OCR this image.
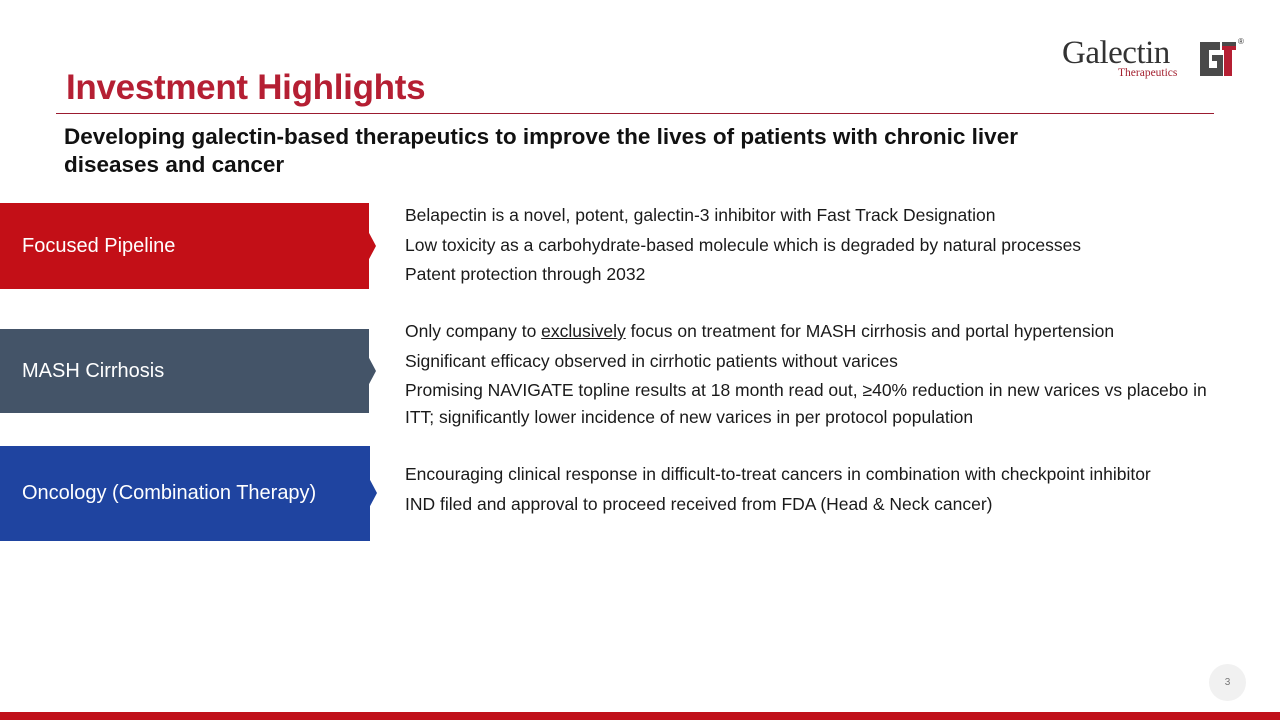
Galectin
Therapeutics
®
Investment Highlights
Developing galectin-based therapeutics to improve the lives of patients with chronic liver diseases and cancer
Focused Pipeline
Belapectin is a novel, potent, galectin-3 inhibitor with Fast Track Designation
Low toxicity as a carbohydrate-based molecule which is degraded by natural processes
Patent protection through 2032
MASH Cirrhosis
Only company to exclusively focus on treatment for MASH cirrhosis and portal hypertension
Significant efficacy observed in cirrhotic patients without varices
Promising NAVIGATE topline results at 18 month read out, ≥40% reduction in new varices vs placebo in ITT; significantly lower incidence of new varices in per protocol population
Oncology (Combination Therapy)
Encouraging clinical response in difficult-to-treat cancers in combination with checkpoint inhibitor
IND filed and approval to proceed received from FDA (Head & Neck cancer)
3
